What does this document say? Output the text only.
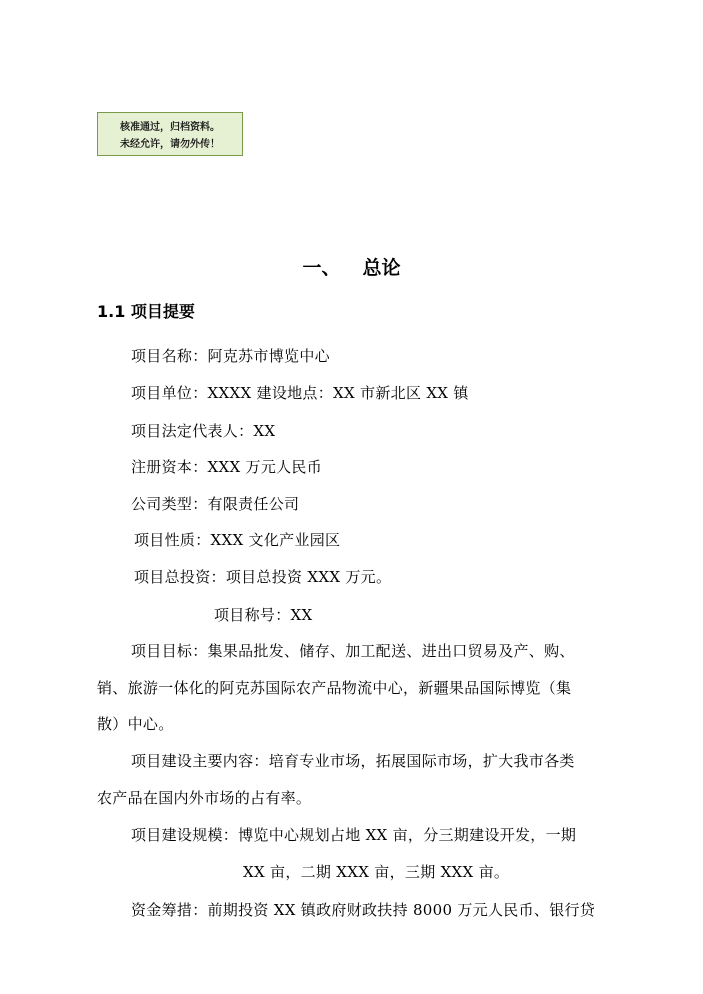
核准通过，归档资料。
未经允许，请勿外传！
一、 总论
1.1 项目提要
项目名称：阿克苏市博览中心
项目单位：XXXX 建设地点：XX 市新北区 XX 镇
项目法定代表人：XX
注册资本：XXX 万元人民币
公司类型：有限责任公司
项目性质：XXX 文化产业园区
项目总投资：项目总投资 XXX 万元。
项目称号：XX
项目目标：集果品批发、储存、加工配送、进出口贸易及产、购、
销、旅游一体化的阿克苏国际农产品物流中心，新疆果品国际博览（集
散）中心。
项目建设主要内容：培育专业市场，拓展国际市场，扩大我市各类
农产品在国内外市场的占有率。
项目建设规模：博览中心规划占地 XX 亩，分三期建设开发，一期
XX 亩，二期 XXX 亩，三期 XXX 亩。
资金筹措：前期投资 XX 镇政府财政扶持 8000 万元人民币、银行贷
